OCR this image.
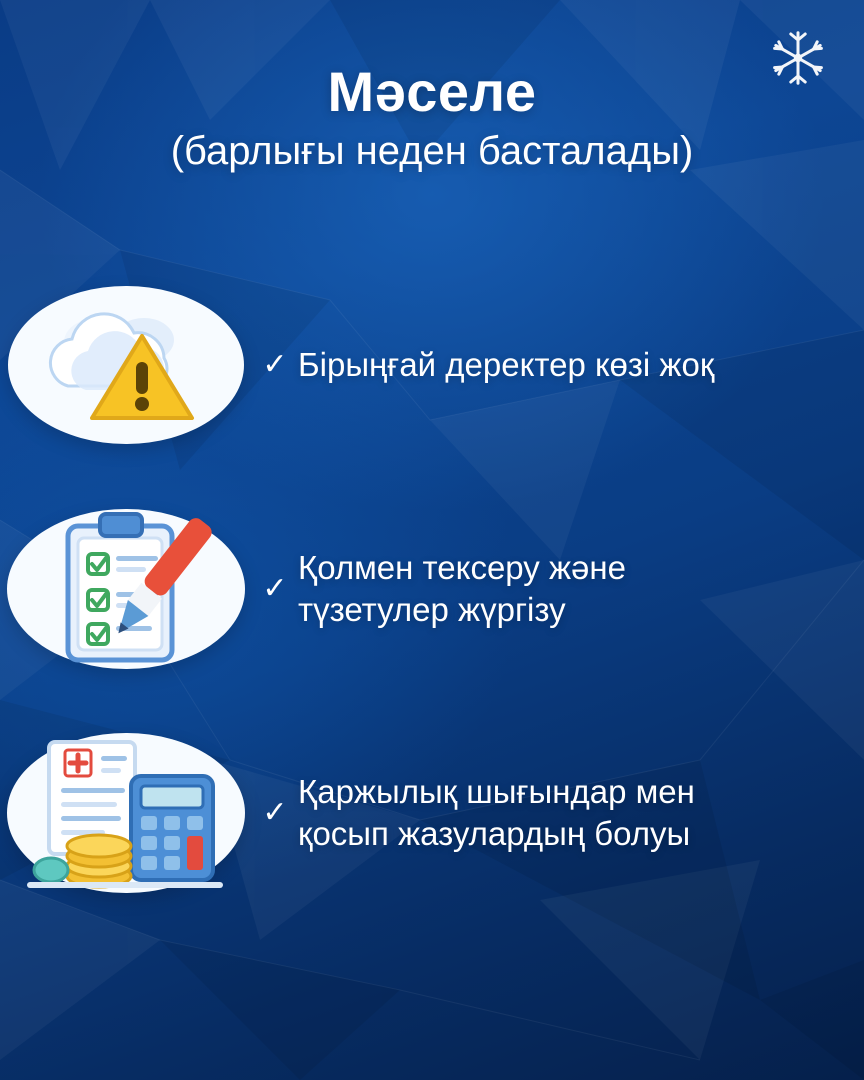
Мәселе
(барлығы неден басталады)
✓ Бірыңғай деректер көзі жоқ
✓
Қолмен тексеру және түзетулер жүргізу
✓
Қаржылық шығындар мен қосып жазулардың болуы
